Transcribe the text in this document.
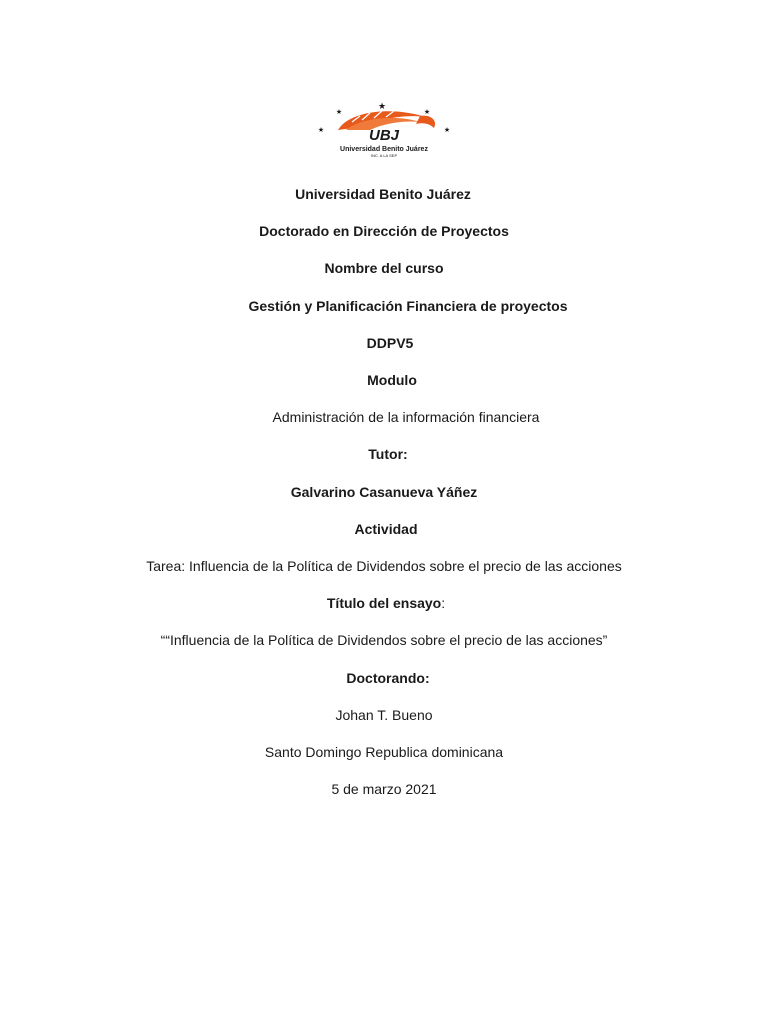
★
★	★
★	★
UBJ
Universidad Benito Juárez
INC. A LA SEP
Universidad Benito Juárez
Doctorado en Dirección de Proyectos
Nombre del curso
Gestión y Planificación Financiera de proyectos
DDPV5
Modulo
Administración de la información financiera
Tutor:
Galvarino Casanueva Yáñez
Actividad
Tarea: Influencia de la Política de Dividendos sobre el precio de las acciones
Título del ensayo:
““Influencia de la Política de Dividendos sobre el precio de las acciones”
Doctorando:
Johan T. Bueno
Santo Domingo Republica dominicana
5 de marzo 2021
